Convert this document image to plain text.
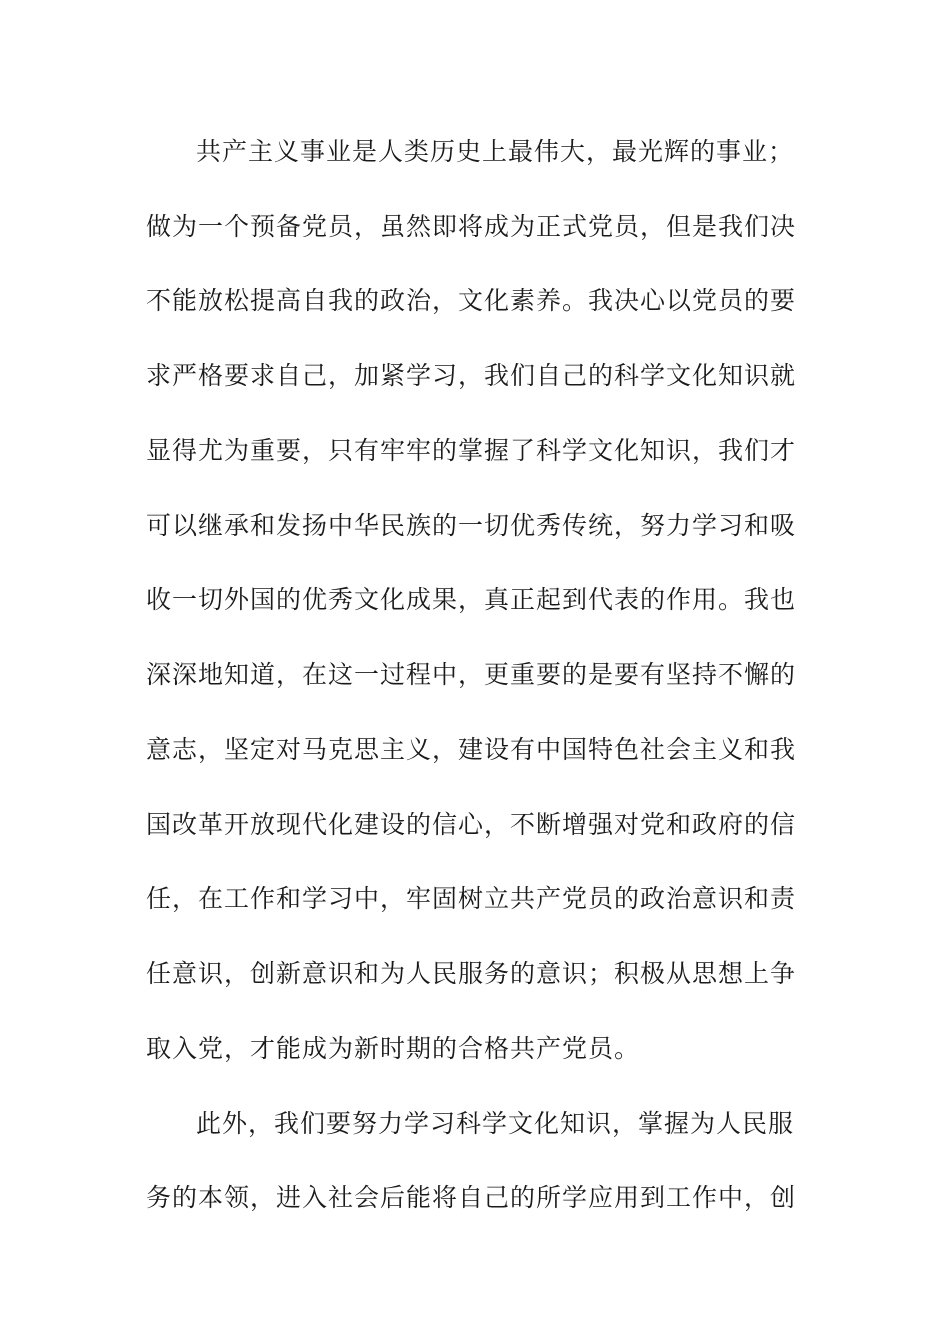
共产主义事业是人类历史上最伟大，最光辉的事业；
做为一个预备党员，虽然即将成为正式党员，但是我们决
不能放松提高自我的政治，文化素养。我决心以党员的要
求严格要求自己，加紧学习，我们自己的科学文化知识就
显得尤为重要，只有牢牢的掌握了科学文化知识，我们才
可以继承和发扬中华民族的一切优秀传统，努力学习和吸
收一切外国的优秀文化成果，真正起到代表的作用。我也
深深地知道，在这一过程中，更重要的是要有坚持不懈的
意志，坚定对马克思主义，建设有中国特色社会主义和我
国改革开放现代化建设的信心，不断增强对党和政府的信
任，在工作和学习中，牢固树立共产党员的政治意识和责
任意识，创新意识和为人民服务的意识；积极从思想上争
取入党，才能成为新时期的合格共产党员。
此外，我们要努力学习科学文化知识，掌握为人民服
务的本领，进入社会后能将自己的所学应用到工作中，创
